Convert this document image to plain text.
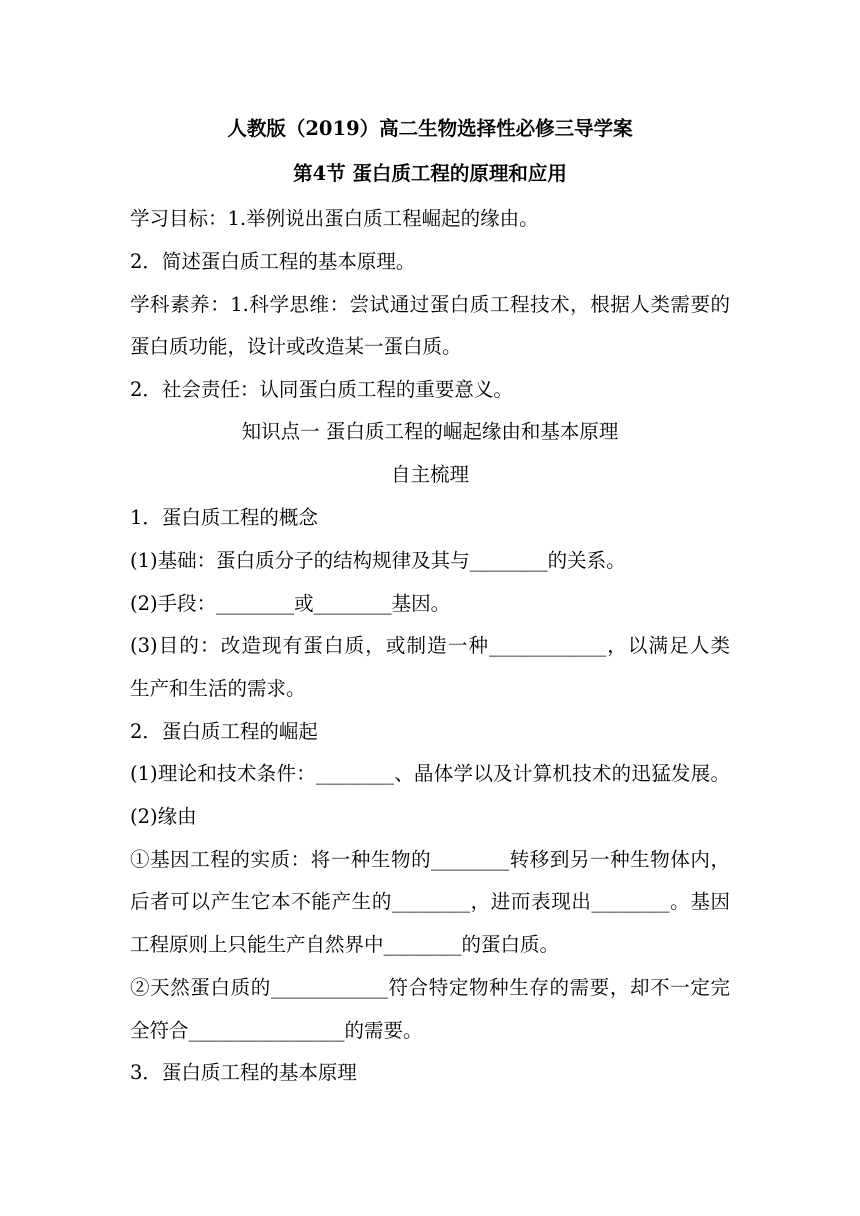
人教版（2019）高二生物选择性必修三导学案
第4节 蛋白质工程的原理和应用
学习目标：1.举例说出蛋白质工程崛起的缘由。
2．简述蛋白质工程的基本原理。
学科素养：1.科学思维：尝试通过蛋白质工程技术，根据人类需要的
蛋白质功能，设计或改造某一蛋白质。
2．社会责任：认同蛋白质工程的重要意义。
知识点一 蛋白质工程的崛起缘由和基本原理
自主梳理
1．蛋白质工程的概念
(1)基础：蛋白质分子的结构规律及其与________的关系。
(2)手段：________或________基因。
(3)目的：改造现有蛋白质，或制造一种____________，以满足人类
生产和生活的需求。
2．蛋白质工程的崛起
(1)理论和技术条件：________、晶体学以及计算机技术的迅猛发展。
(2)缘由
①基因工程的实质：将一种生物的________转移到另一种生物体内，
后者可以产生它本不能产生的________，进而表现出________。基因
工程原则上只能生产自然界中________的蛋白质。
②天然蛋白质的____________符合特定物种生存的需要，却不一定完
全符合________________的需要。
3．蛋白质工程的基本原理
